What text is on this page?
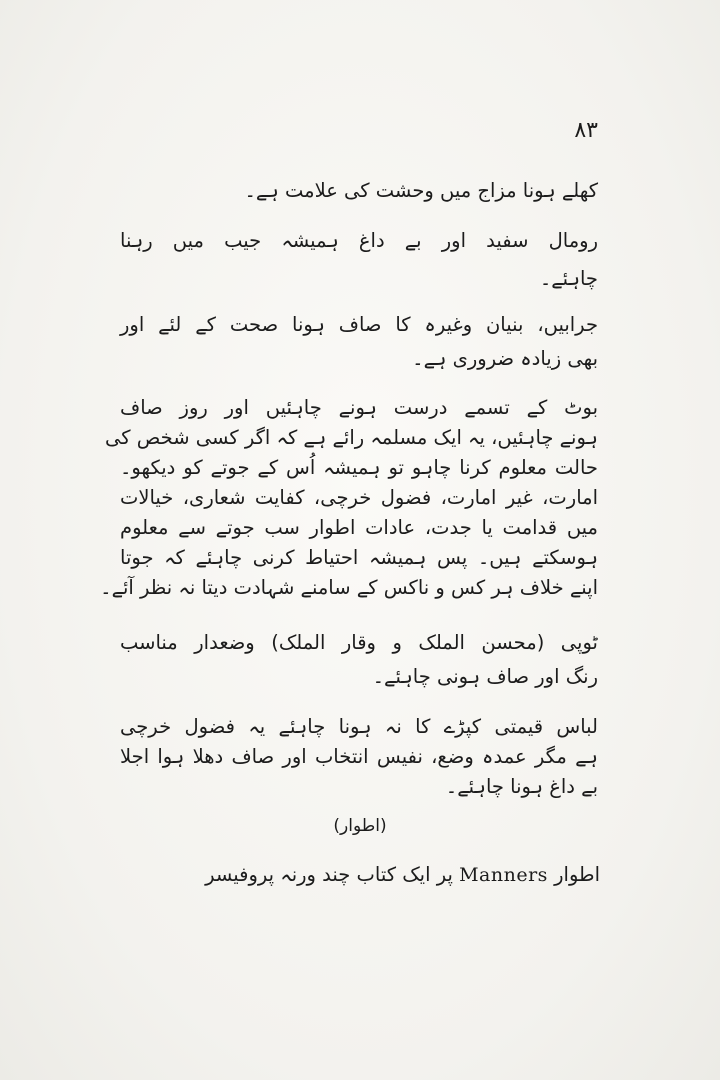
۸۳
کھلے ہونا مزاج میں وحشت کی علامت ہے۔
رومال سفید اور بے داغ ہمیشہ جیب میں رہنا
چاہئے۔
جرابیں، بنیان وغیرہ کا صاف ہونا صحت کے لئے اور
بھی زیادہ ضروری ہے۔
بوٹ کے تسمے درست ہونے چاہئیں اور روز صاف
ہونے چاہئیں، یہ ایک مسلمہ رائے ہے کہ اگر کسی شخص کی
حالت معلوم کرنا چاہو تو ہمیشہ اُس کے جوتے کو دیکھو۔
امارت، غیر امارت، فضول خرچی، کفایت شعاری، خیالات
میں قدامت یا جدت، عادات اطوار سب جوتے سے معلوم
ہوسکتے ہیں۔ پس ہمیشہ احتیاط کرنی چاہئے کہ جوتا
اپنے خلاف ہر کس و ناکس کے سامنے شہادت دیتا نہ نظر آئے۔
ٹوپی (محسن الملک و وقار الملک) وضعدار مناسب
رنگ اور صاف ہونی چاہئے۔
لباس قیمتی کپڑے کا نہ ہونا چاہئے یہ فضول خرچی
ہے مگر عمدہ وضع، نفیس انتخاب اور صاف دھلا ہوا اجلا
بے داغ ہونا چاہئے۔
(اطوار)
اطوار Manners پر ایک کتاب چند ورنہ پروفیسر
